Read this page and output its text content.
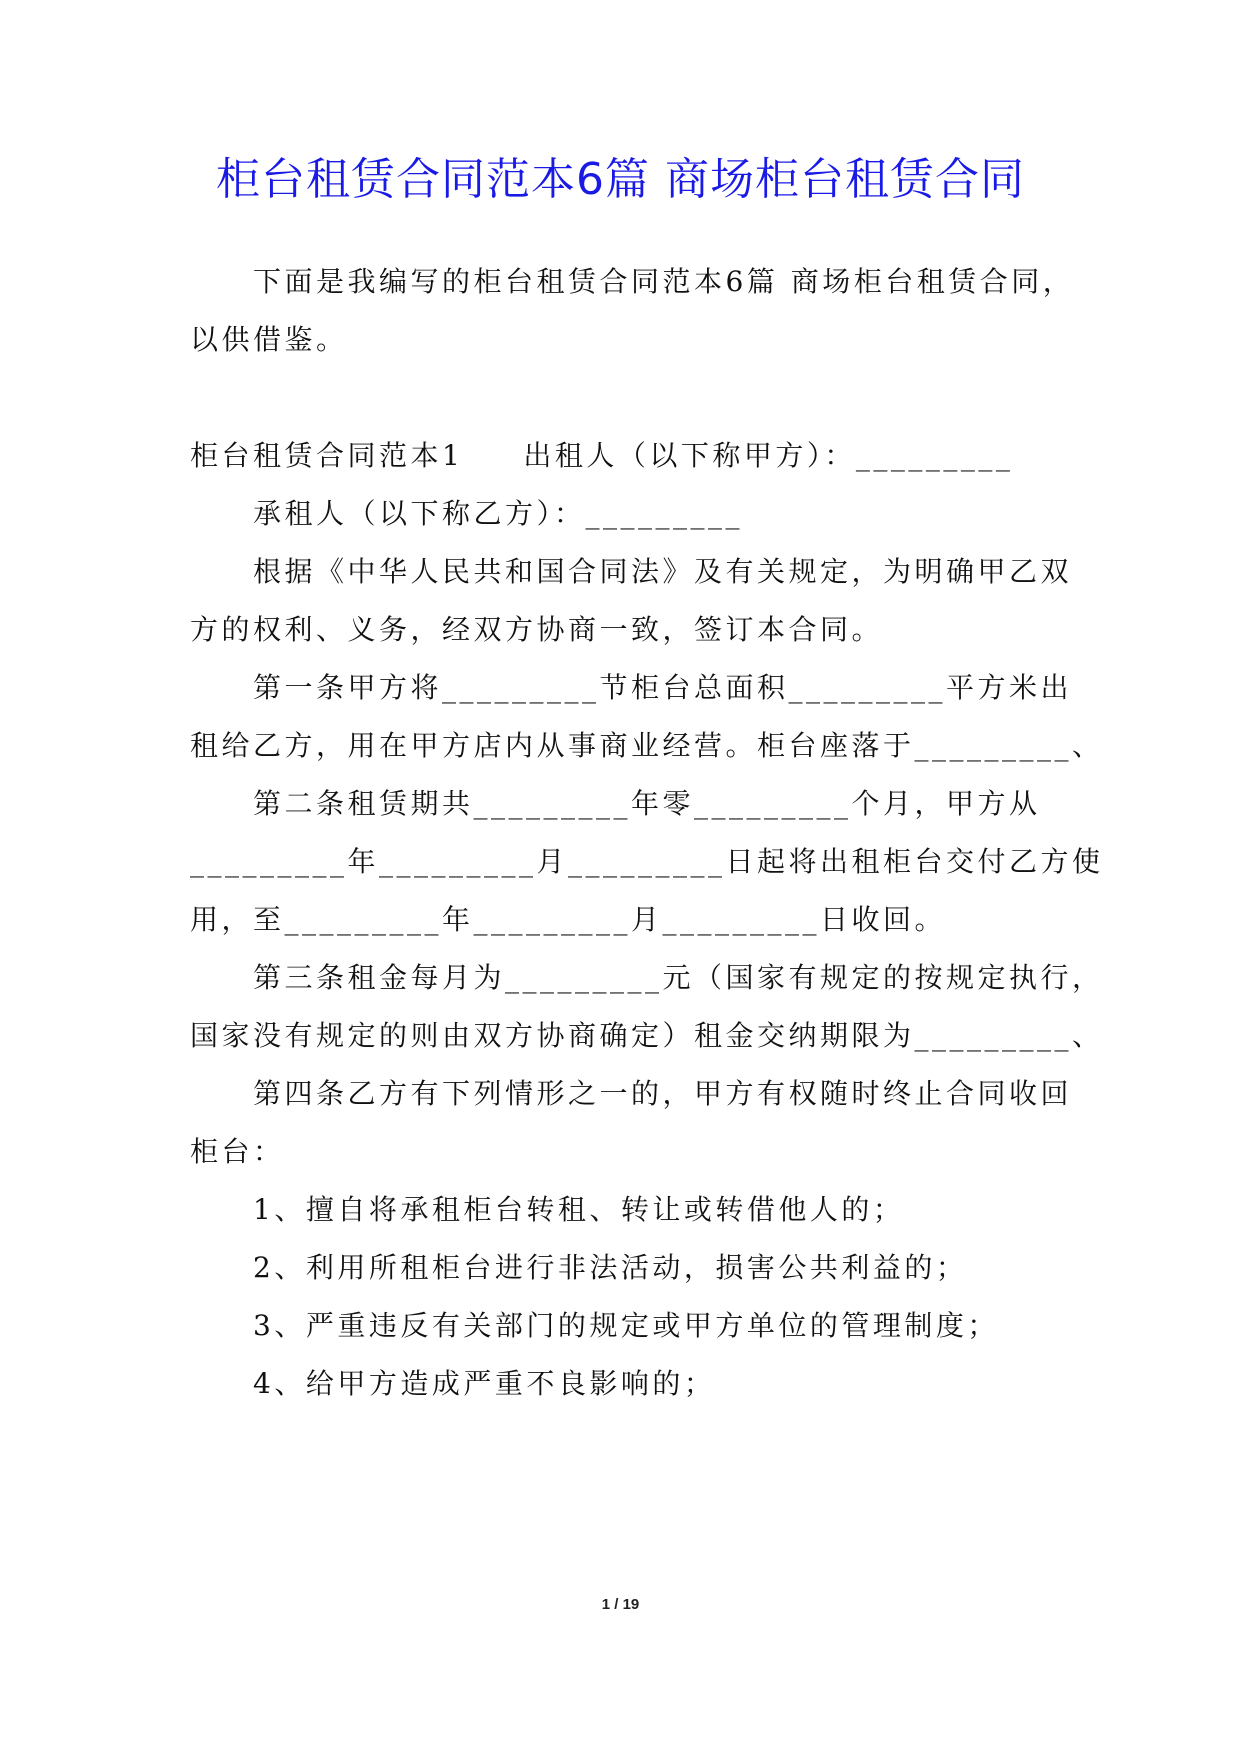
柜台租赁合同范本6篇 商场柜台租赁合同
下面是我编写的柜台租赁合同范本6篇 商场柜台租赁合同，
以供借鉴。
柜台租赁合同范本1 出租人（以下称甲方）：_________
承租人（以下称乙方）：_________
根据《中华人民共和国合同法》及有关规定，为明确甲乙双
方的权利、义务，经双方协商一致，签订本合同。
第一条甲方将_________节柜台总面积_________平方米出
租给乙方，用在甲方店内从事商业经营。柜台座落于_________、
第二条租赁期共_________年零_________个月，甲方从
_________年_________月_________日起将出租柜台交付乙方使
用，至_________年_________月_________日收回。
第三条租金每月为_________元（国家有规定的按规定执行，
国家没有规定的则由双方协商确定）租金交纳期限为_________、
第四条乙方有下列情形之一的，甲方有权随时终止合同收回
柜台：
1、擅自将承租柜台转租、转让或转借他人的；
2、利用所租柜台进行非法活动，损害公共利益的；
3、严重违反有关部门的规定或甲方单位的管理制度；
4、给甲方造成严重不良影响的；
1 / 19
